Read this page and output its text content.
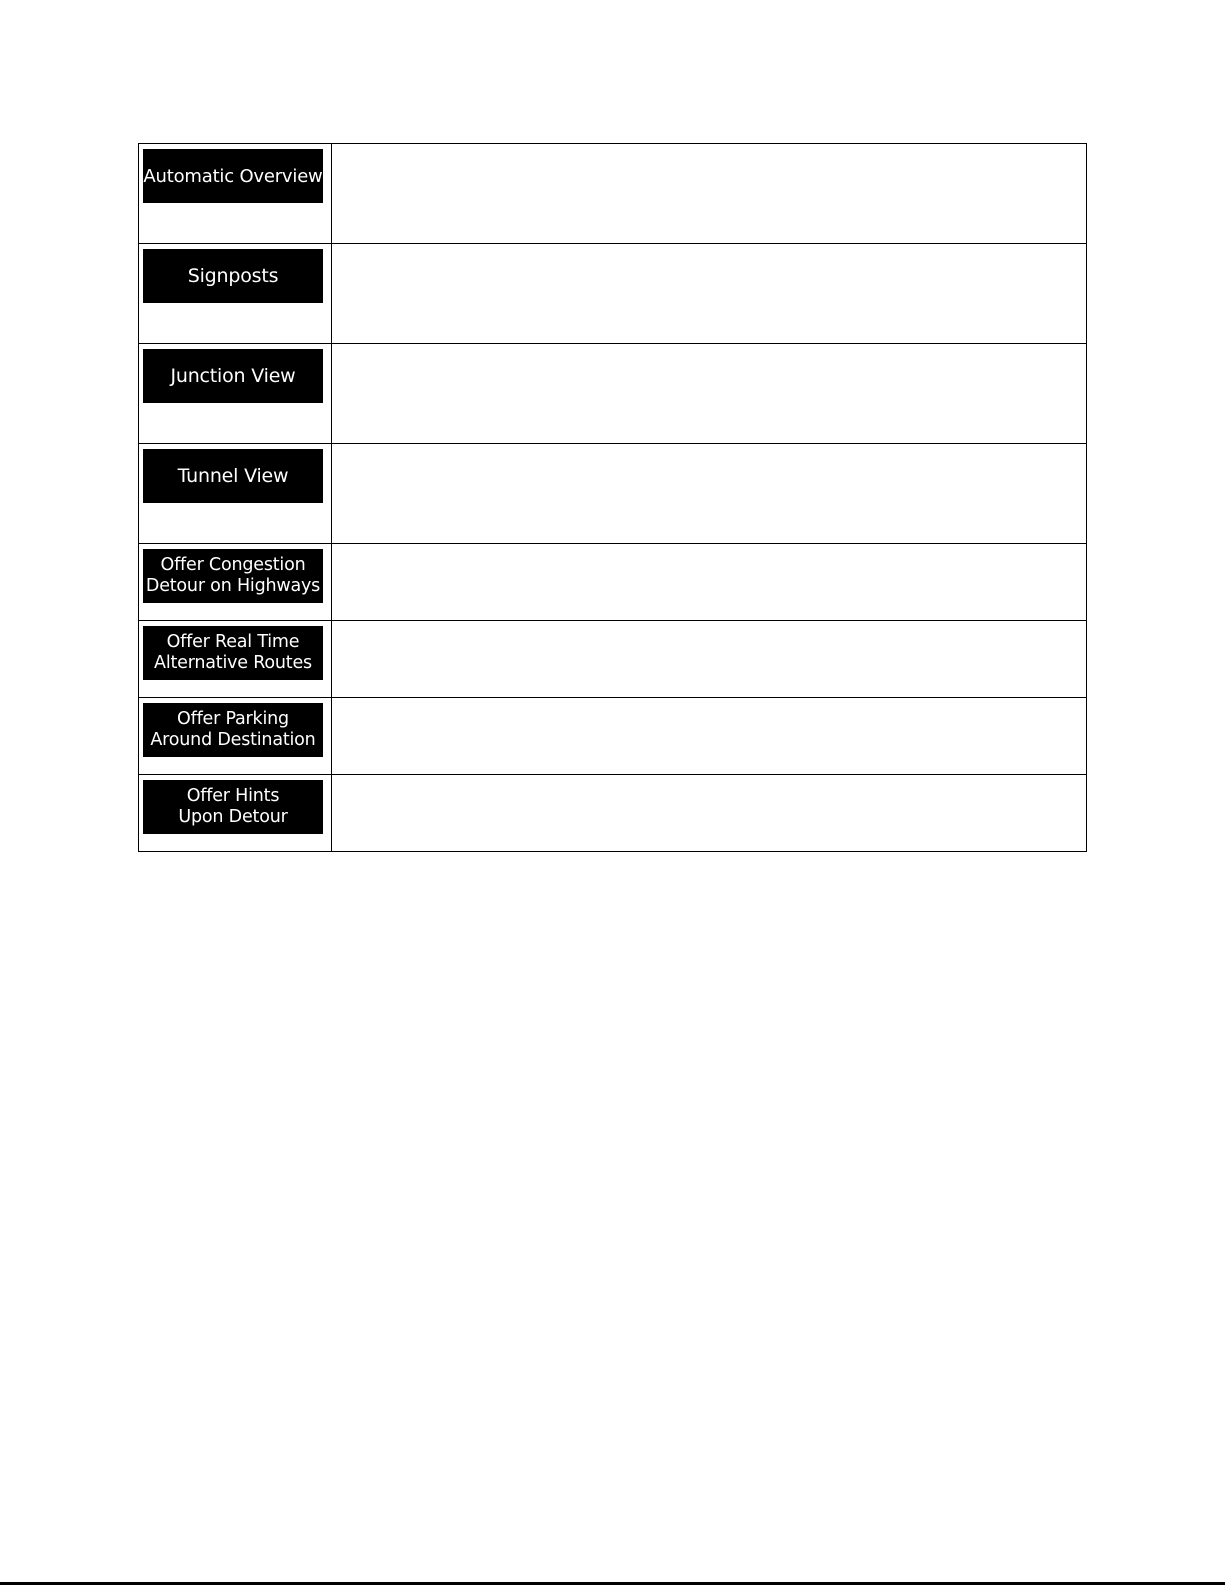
Automatic Overview	

Signposts	

Junction View	

Tunnel View	

Offer Congestion
Detour on Highways	

Offer Real Time
Alternative Routes	

Offer Parking
Around Destination	

Offer Hints
Upon Detour	
